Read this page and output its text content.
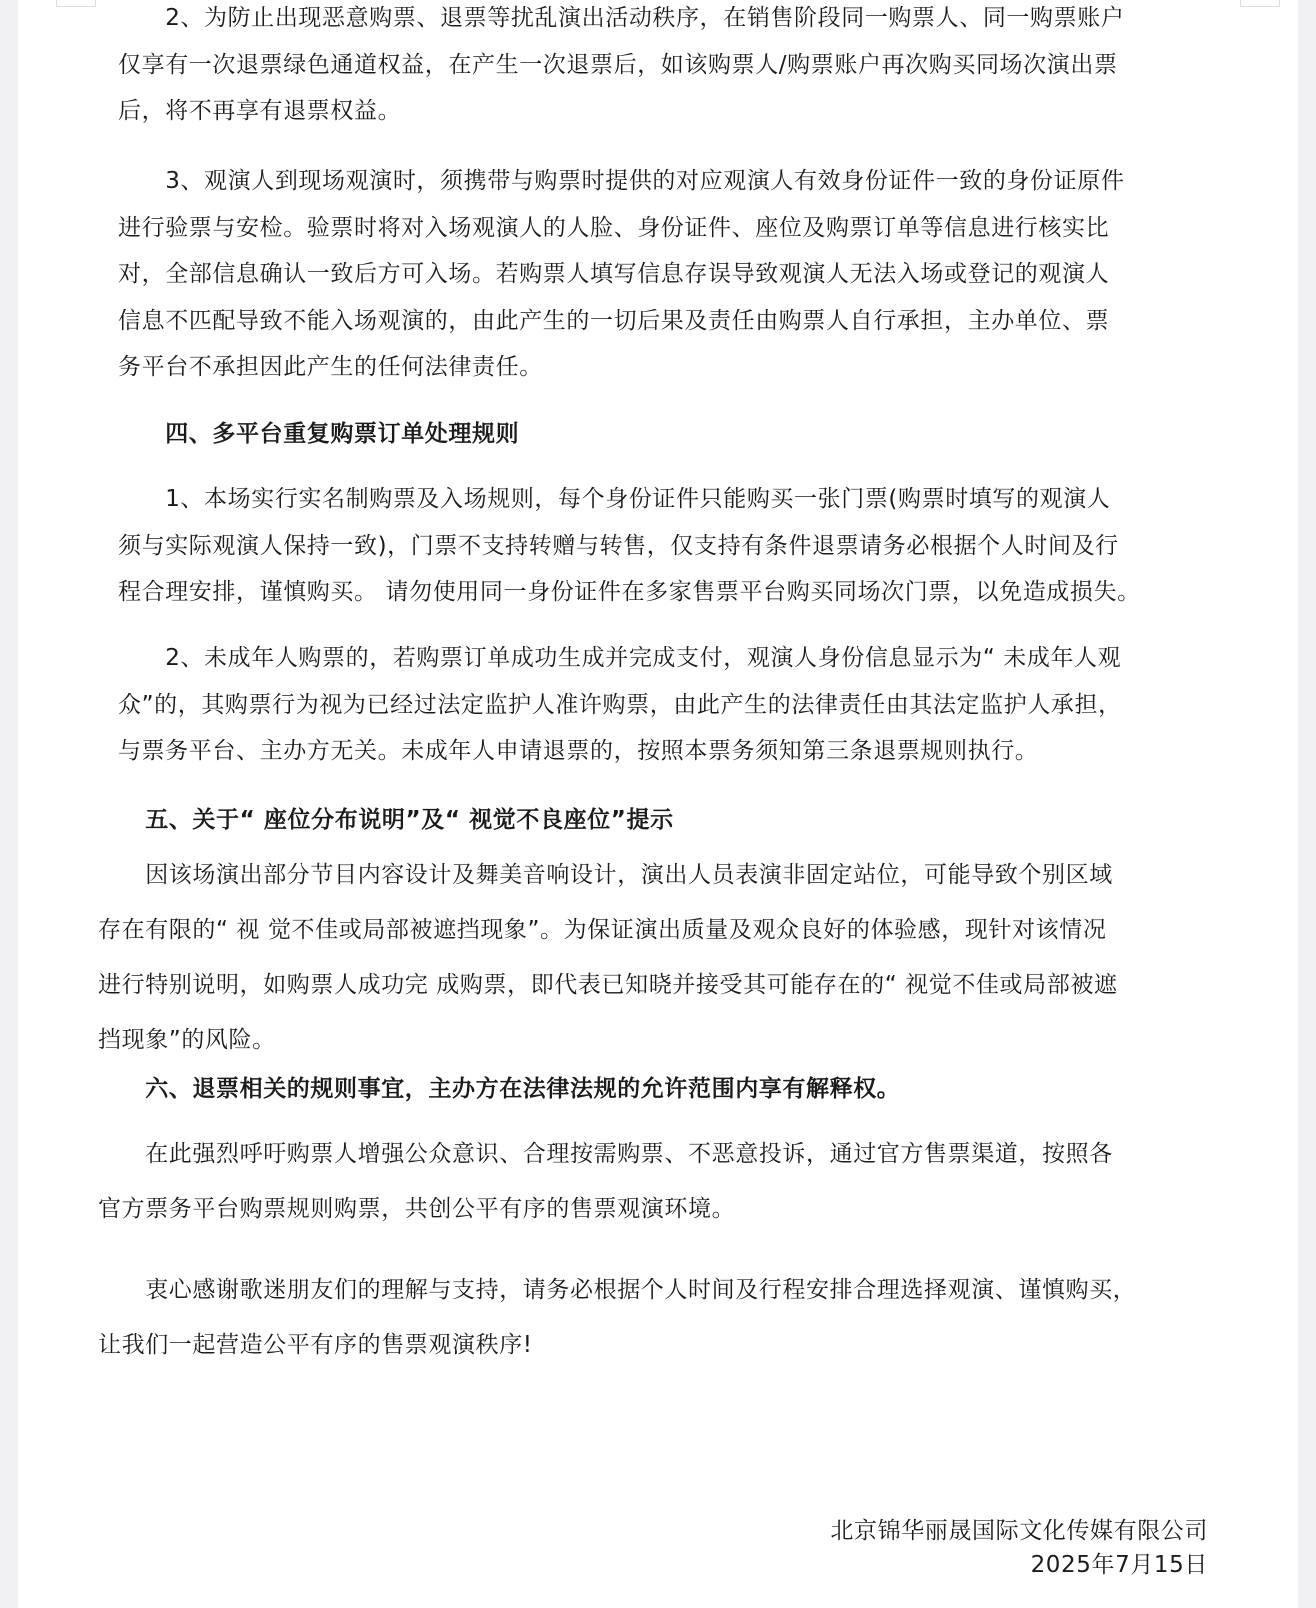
　　2、为防止出现恶意购票、退票等扰乱演出活动秩序，在销售阶段同一购票人、同一购票账户
仅享有一次退票绿色通道权益，在产生一次退票后，如该购票人/购票账户再次购买同场次演出票
后，将不再享有退票权益。
　　3、观演人到现场观演时，须携带与购票时提供的对应观演人有效身份证件一致的身份证原件
进行验票与安检。验票时将对入场观演人的人脸、身份证件、座位及购票订单等信息进行核实比
对，全部信息确认一致后方可入场。若购票人填写信息存误导致观演人无法入场或登记的观演人
信息不匹配导致不能入场观演的，由此产生的一切后果及责任由购票人自行承担，主办单位、票
务平台不承担因此产生的任何法律责任。
　　四、多平台重复购票订单处理规则
　　1、本场实行实名制购票及入场规则，每个身份证件只能购买一张门票(购票时填写的观演人
须与实际观演人保持一致)，门票不支持转赠与转售，仅支持有条件退票请务必根据个人时间及行
程合理安排，谨慎购买。 请勿使用同一身份证件在多家售票平台购买同场次门票，以免造成损失。
　　2、未成年人购票的，若购票订单成功生成并完成支付，观演人身份信息显示为“ 未成年人观
众”的，其购票行为视为已经过法定监护人准许购票，由此产生的法律责任由其法定监护人承担，
与票务平台、主办方无关。未成年人申请退票的，按照本票务须知第三条退票规则执行。
　　五、关于“ 座位分布说明”及“ 视觉不良座位”提示
　　因该场演出部分节目内容设计及舞美音响设计，演出人员表演非固定站位，可能导致个别区域
存在有限的“ 视 觉不佳或局部被遮挡现象”。为保证演出质量及观众良好的体验感，现针对该情况
进行特别说明，如购票人成功完 成购票，即代表已知晓并接受其可能存在的“ 视觉不佳或局部被遮
挡现象”的风险。
　　六、退票相关的规则事宜，主办方在法律法规的允许范围内享有解释权。
　　在此强烈呼吁购票人增强公众意识、合理按需购票、不恶意投诉，通过官方售票渠道，按照各
官方票务平台购票规则购票，共创公平有序的售票观演环境。
　　衷心感谢歌迷朋友们的理解与支持，请务必根据个人时间及行程安排合理选择观演、谨慎购买，
让我们一起营造公平有序的售票观演秩序!
北京锦华丽晟国际文化传媒有限公司
2025年7月15日
